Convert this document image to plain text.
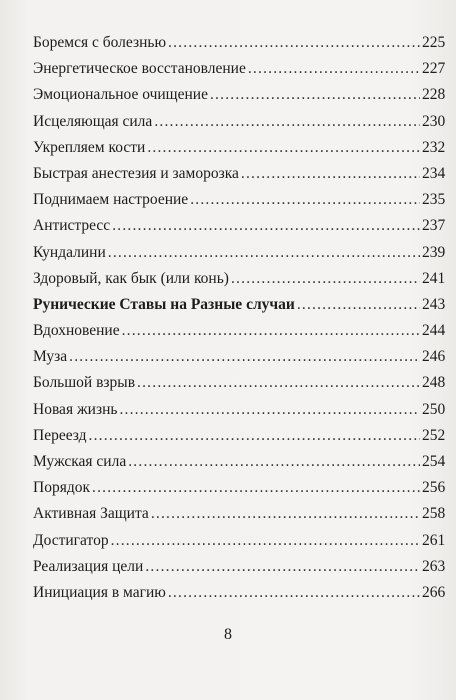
Боремся с болезнью .....	225
Энергетическое восстановление .....	227
Эмоциональное очищение .....	228
Исцеляющая сила .....	230
Укрепляем кости .....	232
Быстрая анестезия и заморозка .....	234
Поднимаем настроение .....	235
Антистресс .....	237
Кундалини .....	239
Здоровый, как бык (или конь) .....	241
Рунические Ставы на Разные случаи .....	243
Вдохновение .....	244
Муза .....	246
Большой взрыв .....	248
Новая жизнь .....	250
Переезд .....	252
Мужская сила .....	254
Порядок .....	256
Активная Защита .....	258
Достигатор .....	261
Реализация цели .....	263
Инициация в магию .....	266
8
